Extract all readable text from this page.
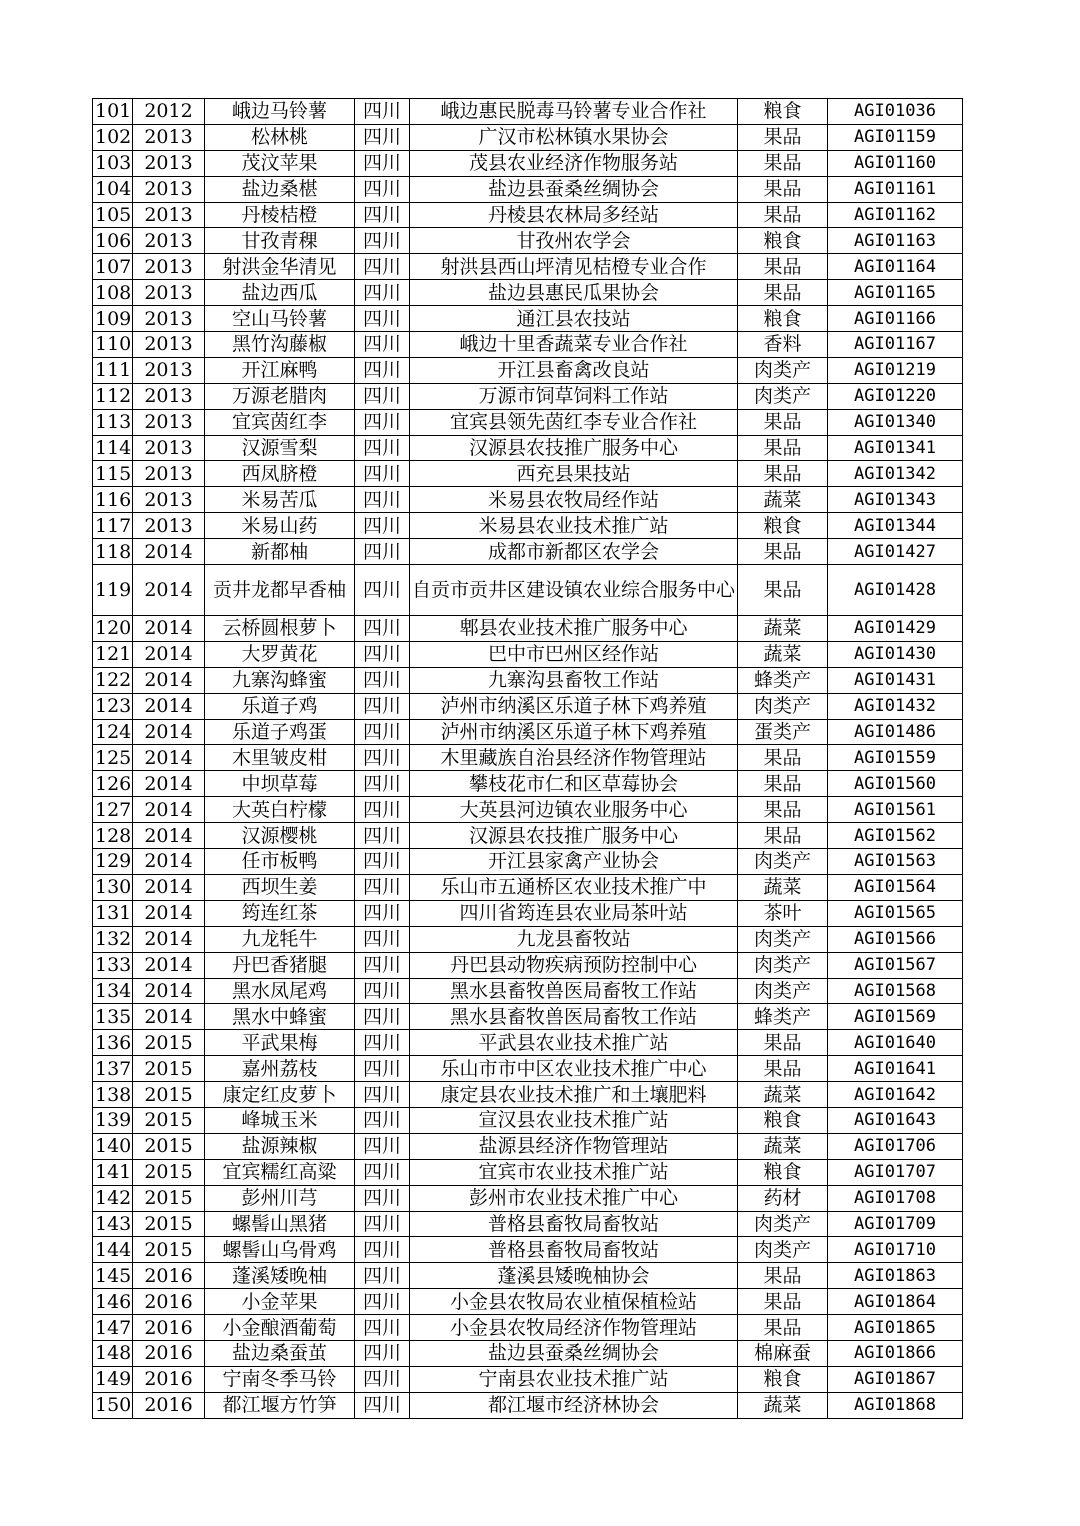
101	2012	峨边马铃薯	四川	峨边惠民脱毒马铃薯专业合作社	粮食	AGI01036
102	2013	松林桃	四川	广汉市松林镇水果协会	果品	AGI01159
103	2013	茂汶苹果	四川	茂县农业经济作物服务站	果品	AGI01160
104	2013	盐边桑椹	四川	盐边县蚕桑丝绸协会	果品	AGI01161
105	2013	丹棱桔橙	四川	丹棱县农林局多经站	果品	AGI01162
106	2013	甘孜青稞	四川	甘孜州农学会	粮食	AGI01163
107	2013	射洪金华清见	四川	射洪县西山坪清见桔橙专业合作	果品	AGI01164
108	2013	盐边西瓜	四川	盐边县惠民瓜果协会	果品	AGI01165
109	2013	空山马铃薯	四川	通江县农技站	粮食	AGI01166
110	2013	黑竹沟藤椒	四川	峨边十里香蔬菜专业合作社	香料	AGI01167
111	2013	开江麻鸭	四川	开江县畜禽改良站	肉类产	AGI01219
112	2013	万源老腊肉	四川	万源市饲草饲料工作站	肉类产	AGI01220
113	2013	宜宾茵红李	四川	宜宾县领先茵红李专业合作社	果品	AGI01340
114	2013	汉源雪梨	四川	汉源县农技推广服务中心	果品	AGI01341
115	2013	西凤脐橙	四川	西充县果技站	果品	AGI01342
116	2013	米易苦瓜	四川	米易县农牧局经作站	蔬菜	AGI01343
117	2013	米易山药	四川	米易县农业技术推广站	粮食	AGI01344
118	2014	新都柚	四川	成都市新都区农学会	果品	AGI01427
119	2014	贡井龙都早香柚	四川	自贡市贡井区建设镇农业综合服务中心	果品	AGI01428
120	2014	云桥圆根萝卜	四川	郫县农业技术推广服务中心	蔬菜	AGI01429
121	2014	大罗黄花	四川	巴中市巴州区经作站	蔬菜	AGI01430
122	2014	九寨沟蜂蜜	四川	九寨沟县畜牧工作站	蜂类产	AGI01431
123	2014	乐道子鸡	四川	泸州市纳溪区乐道子林下鸡养殖	肉类产	AGI01432
124	2014	乐道子鸡蛋	四川	泸州市纳溪区乐道子林下鸡养殖	蛋类产	AGI01486
125	2014	木里皱皮柑	四川	木里藏族自治县经济作物管理站	果品	AGI01559
126	2014	中坝草莓	四川	攀枝花市仁和区草莓协会	果品	AGI01560
127	2014	大英白柠檬	四川	大英县河边镇农业服务中心	果品	AGI01561
128	2014	汉源樱桃	四川	汉源县农技推广服务中心	果品	AGI01562
129	2014	任市板鸭	四川	开江县家禽产业协会	肉类产	AGI01563
130	2014	西坝生姜	四川	乐山市五通桥区农业技术推广中	蔬菜	AGI01564
131	2014	筠连红茶	四川	四川省筠连县农业局茶叶站	茶叶	AGI01565
132	2014	九龙牦牛	四川	九龙县畜牧站	肉类产	AGI01566
133	2014	丹巴香猪腿	四川	丹巴县动物疾病预防控制中心	肉类产	AGI01567
134	2014	黑水凤尾鸡	四川	黑水县畜牧兽医局畜牧工作站	肉类产	AGI01568
135	2014	黑水中蜂蜜	四川	黑水县畜牧兽医局畜牧工作站	蜂类产	AGI01569
136	2015	平武果梅	四川	平武县农业技术推广站	果品	AGI01640
137	2015	嘉州荔枝	四川	乐山市市中区农业技术推广中心	果品	AGI01641
138	2015	康定红皮萝卜	四川	康定县农业技术推广和土壤肥料	蔬菜	AGI01642
139	2015	峰城玉米	四川	宣汉县农业技术推广站	粮食	AGI01643
140	2015	盐源辣椒	四川	盐源县经济作物管理站	蔬菜	AGI01706
141	2015	宜宾糯红高粱	四川	宜宾市农业技术推广站	粮食	AGI01707
142	2015	彭州川芎	四川	彭州市农业技术推广中心	药材	AGI01708
143	2015	螺髻山黑猪	四川	普格县畜牧局畜牧站	肉类产	AGI01709
144	2015	螺髻山乌骨鸡	四川	普格县畜牧局畜牧站	肉类产	AGI01710
145	2016	蓬溪矮晚柚	四川	蓬溪县矮晚柚协会	果品	AGI01863
146	2016	小金苹果	四川	小金县农牧局农业植保植检站	果品	AGI01864
147	2016	小金酿酒葡萄	四川	小金县农牧局经济作物管理站	果品	AGI01865
148	2016	盐边桑蚕茧	四川	盐边县蚕桑丝绸协会	棉麻蚕	AGI01866
149	2016	宁南冬季马铃	四川	宁南县农业技术推广站	粮食	AGI01867
150	2016	都江堰方竹笋	四川	都江堰市经济林协会	蔬菜	AGI01868
